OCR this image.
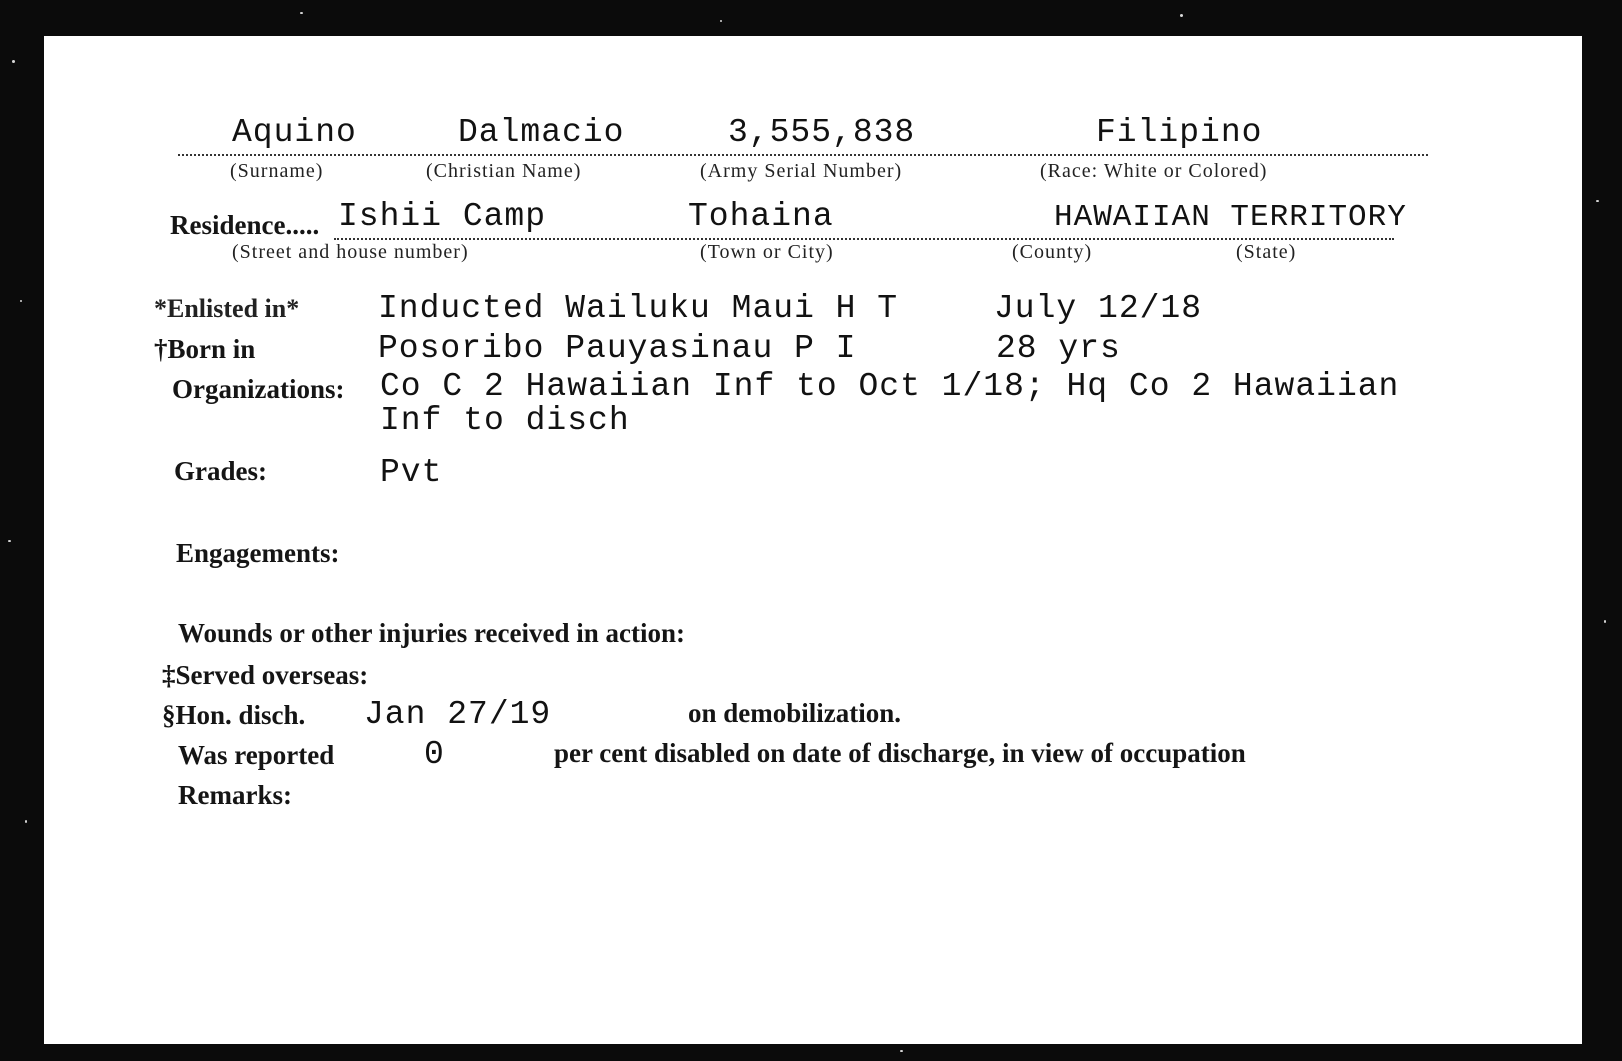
Aquino	Dalmacio	3,555,838	Filipino
(Surname)	(Christian Name)	(Army Serial Number)	(Race: White or Colored)
Residence..... Ishii Camp	Tohaina	HAWAIIAN TERRITORY
(Street and house number)	(Town or City)	(County)	(State)
*Enlisted in* Inducted Wailuku Maui H T	July 12/18
†Born in	Posoribo Pauyasinau P I	28 yrs
Organizations: Co C 2 Hawaiian Inf to Oct 1/18; Hq Co 2 Hawaiian
Inf to disch
Grades:	Pvt
Engagements:
Wounds or other injuries received in action:
‡Served overseas:
§Hon. disch. Jan 27/19	on demobilization.
Was reported	0	per cent disabled on date of discharge, in view of occupation
Remarks:
